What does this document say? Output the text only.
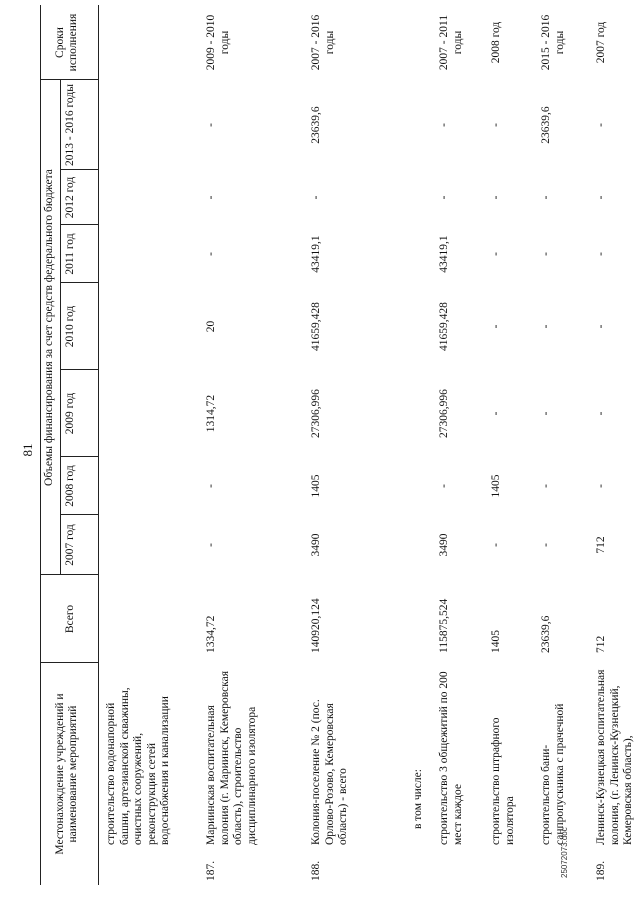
81
Местонахождение учреждений и наименование мероприятий
Всего
Объемы финансирования за счет средств федерального бюджета
2007 год
2008 год
2009 год
2010 год
2011 год
2012 год
2013 - 2016 годы
Сроки исполнения
строительство водонапорной башни, артезианской скважины, очистных сооружений, реконструкция сетей водоснабжения и канализации
187.
Мариинская воспитательная колония (г. Мариинск, Кемеровская область), строительство дисциплинарного изолятора
1334,72
-
-
1314,72
20
-
-
-
2009 - 2010 годы
188.
Колония-поселение № 2 (пос. Орлово-Розово, Кемеровская область) - всего
140920,124
3490
1405
27306,996
41659,428
43419,1
-
23639,6
2007 - 2016 годы
в том числе: строительство 3 общежитий по 200 мест каждое
115875,524
3490
-
27306,996
41659,428
43419,1
-
-
2007 - 2011 годы
строительство штрафного изолятора
1405
-
1405
-
-
-
-
-
2008 год
строительство бани-санпропускника с прачечной
23639,6
-
-
-
-
-
-
23639,6
2015 - 2016 годы
189.
Ленинск-Кузнецкая воспитательная колония, (г. Ленинск-Кузнецкий, Кемеровская область),
712
712
-
-
-
-
-
-
2007 год
25072073.doc
